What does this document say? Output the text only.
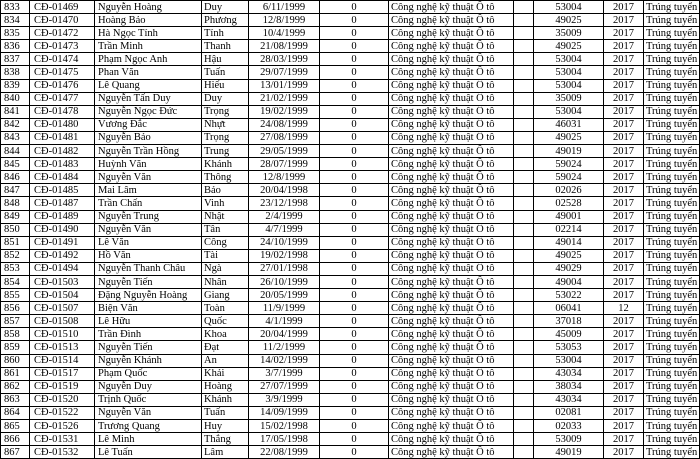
833	CĐ-01469	Nguyễn Hoàng	Duy	6/11/1999	0	Công nghệ kỹ thuật Ô tô		53004	2017	Trúng tuyển
834	CĐ-01470	Hoàng Bảo	Phương	12/8/1999	0	Công nghệ kỹ thuật Ô tô		49025	2017	Trúng tuyển
835	CĐ-01472	Hà Ngọc Tính	Tính	10/4/1999	0	Công nghệ kỹ thuật Ô tô		35009	2017	Trúng tuyển
836	CĐ-01473	Trần Minh	Thanh	21/08/1999	0	Công nghệ kỹ thuật Ô tô		49025	2017	Trúng tuyển
837	CĐ-01474	Phạm Ngọc Anh	Hậu	28/03/1999	0	Công nghệ kỹ thuật Ô tô		53004	2017	Trúng tuyển
838	CĐ-01475	Phan Văn	Tuấn	29/07/1999	0	Công nghệ kỹ thuật Ô tô		53004	2017	Trúng tuyển
839	CĐ-01476	Lê Quang	Hiếu	13/01/1999	0	Công nghệ kỹ thuật Ô tô		53004	2017	Trúng tuyển
840	CĐ-01477	Nguyễn Tấn Duy	Duy	21/02/1999	0	Công nghệ kỹ thuật Ô tô		35009	2017	Trúng tuyển
841	CĐ-01478	Nguyễn Ngọc Đức	Trọng	19/02/1999	0	Công nghệ kỹ thuật Ô tô		53004	2017	Trúng tuyển
842	CĐ-01480	Vương Đắc	Nhựt	24/08/1999	0	Công nghệ kỹ thuật Ô tô		46031	2017	Trúng tuyển
843	CĐ-01481	Nguyễn Bảo	Trọng	27/08/1999	0	Công nghệ kỹ thuật Ô tô		49025	2017	Trúng tuyển
844	CĐ-01482	Nguyễn Trần Hồng	Trung	29/05/1999	0	Công nghệ kỹ thuật Ô tô		49019	2017	Trúng tuyển
845	CĐ-01483	Huỳnh Văn	Khánh	28/07/1999	0	Công nghệ kỹ thuật Ô tô		59024	2017	Trúng tuyển
846	CĐ-01484	Nguyễn Văn	Thông	12/8/1999	0	Công nghệ kỹ thuật Ô tô		59024	2017	Trúng tuyển
847	CĐ-01485	Mai Lâm	Bảo	20/04/1998	0	Công nghệ kỹ thuật Ô tô		02026	2017	Trúng tuyển
848	CĐ-01487	Trần Chấn	Vinh	23/12/1998	0	Công nghệ kỹ thuật Ô tô		02528	2017	Trúng tuyển
849	CĐ-01489	Nguyễn Trung	Nhật	2/4/1999	0	Công nghệ kỹ thuật Ô tô		49001	2017	Trúng tuyển
850	CĐ-01490	Nguyễn Văn	Tân	4/7/1999	0	Công nghệ kỹ thuật Ô tô		02214	2017	Trúng tuyển
851	CĐ-01491	Lê Văn	Công	24/10/1999	0	Công nghệ kỹ thuật Ô tô		49014	2017	Trúng tuyển
852	CĐ-01492	Hồ Văn	Tài	19/02/1998	0	Công nghệ kỹ thuật Ô tô		49025	2017	Trúng tuyển
853	CĐ-01494	Nguyễn Thanh Châu	Ngà	27/01/1998	0	Công nghệ kỹ thuật Ô tô		49029	2017	Trúng tuyển
854	CĐ-01503	Nguyễn Tiến	Nhân	26/10/1999	0	Công nghệ kỹ thuật Ô tô		49004	2017	Trúng tuyển
855	CĐ-01504	Đặng Nguyễn Hoàng	Giang	20/05/1999	0	Công nghệ kỹ thuật Ô tô		53022	2017	Trúng tuyển
856	CĐ-01507	Biện Văn	Toàn	11/9/1999	0	Công nghệ kỹ thuật Ô tô		06041	12	Trúng tuyển
857	CĐ-01508	Lê Hữu	Quốc	4/1/1999	0	Công nghệ kỹ thuật Ô tô		37018	2017	Trúng tuyển
858	CĐ-01510	Trần Đình	Khoa	20/04/1999	0	Công nghệ kỹ thuật Ô tô		45009	2017	Trúng tuyển
859	CĐ-01513	Nguyễn Tiến	Đạt	11/2/1999	0	Công nghệ kỹ thuật Ô tô		53053	2017	Trúng tuyển
860	CĐ-01514	Nguyễn Khánh	An	14/02/1999	0	Công nghệ kỹ thuật Ô tô		53004	2017	Trúng tuyển
861	CĐ-01517	Phạm Quốc	Khải	3/7/1999	0	Công nghệ kỹ thuật Ô tô		43034	2017	Trúng tuyển
862	CĐ-01519	Nguyễn Duy	Hoàng	27/07/1999	0	Công nghệ kỹ thuật Ô tô		38034	2017	Trúng tuyển
863	CĐ-01520	Trịnh Quốc	Khánh	3/9/1999	0	Công nghệ kỹ thuật Ô tô		43034	2017	Trúng tuyển
864	CĐ-01522	Nguyễn Văn	Tuấn	14/09/1999	0	Công nghệ kỹ thuật Ô tô		02081	2017	Trúng tuyển
865	CĐ-01526	Trương Quang	Huy	15/02/1998	0	Công nghệ kỹ thuật Ô tô		02033	2017	Trúng tuyển
866	CĐ-01531	Lê Minh	Thắng	17/05/1998	0	Công nghệ kỹ thuật Ô tô		53009	2017	Trúng tuyển
867	CĐ-01532	Lê Tuấn	Lâm	22/08/1999	0	Công nghệ kỹ thuật Ô tô		49019	2017	Trúng tuyển
